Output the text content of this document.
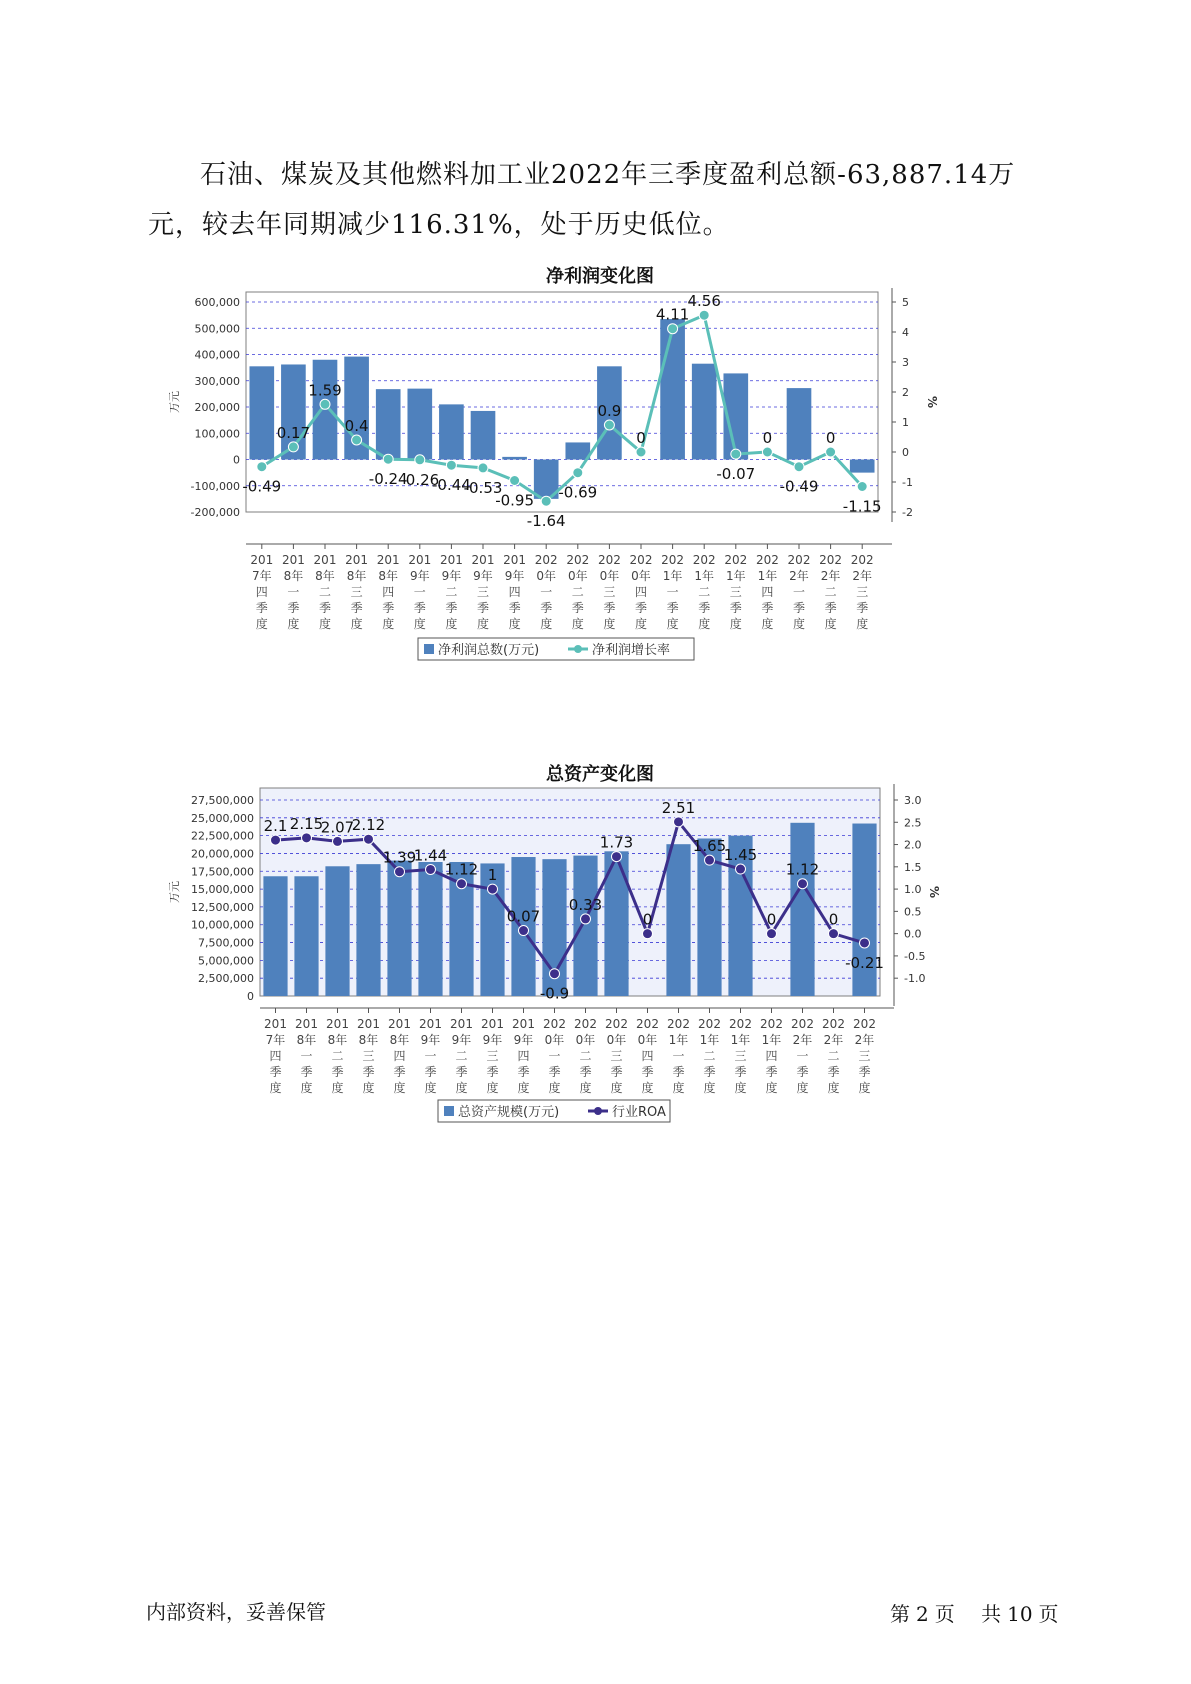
石油、煤炭及其他燃料加工业2022年三季度盈利总额-63,887.14万

元，较去年同期减少116.31%，处于历史低位。
净利润变化图
600,000
500,000
400,000
300,000
200,000
100,000
0
-100,000
-200,000
5
4
3
2
1
0
-1
-2
万元	%
-0.49
0.17
1.59
0.4
-0.24
-0.26
-0.44
-0.53
-0.95
-1.64
-0.69
0.9
0
4.11
4.56
-0.07
0
-0.49
0
-1.15
201 7年四季度
201 8年一季度
201 8年二季度
201 8年三季度
201 8年四季度
201 9年一季度
201 9年二季度
201 9年三季度
201 9年四季度
202 0年一季度
202 0年二季度
202 0年三季度
202 0年四季度
202 1年一季度
202 1年二季度
202 1年三季度
202 1年四季度
202 2年一季度
202 2年二季度
202 2年三季度
净利润总数(万元)	净利润增长率
总资产变化图
27,500,000
25,000,000
22,500,000
20,000,000
17,500,000
15,000,000
12,500,000
10,000,000
7,500,000
5,000,000
2,500,000
0
3.0
2.5
2.0
1.5
1.0
0.5
0.0
-0.5
-1.0
万元	%
2.1 2.15
2.07
2.12
1.39
1.44
1.12 1
0.07
-0.9
0.33
1.73
0
2.51
1.65
1.45
0
1.12
0
-0.21
201 7年四季度
201 8年一季度
201 8年二季度
201 8年三季度
201 8年四季度
201 9年一季度
201 9年二季度
201 9年三季度
201 9年四季度
202 0年一季度
202 0年二季度
202 0年三季度
202 0年四季度
202 1年一季度
202 1年二季度
202 1年三季度
202 1年四季度
202 2年一季度
202 2年二季度
202 2年三季度
总资产规模(万元)	行业ROA
内部资料，妥善保管	第 2 页 共 10 页
